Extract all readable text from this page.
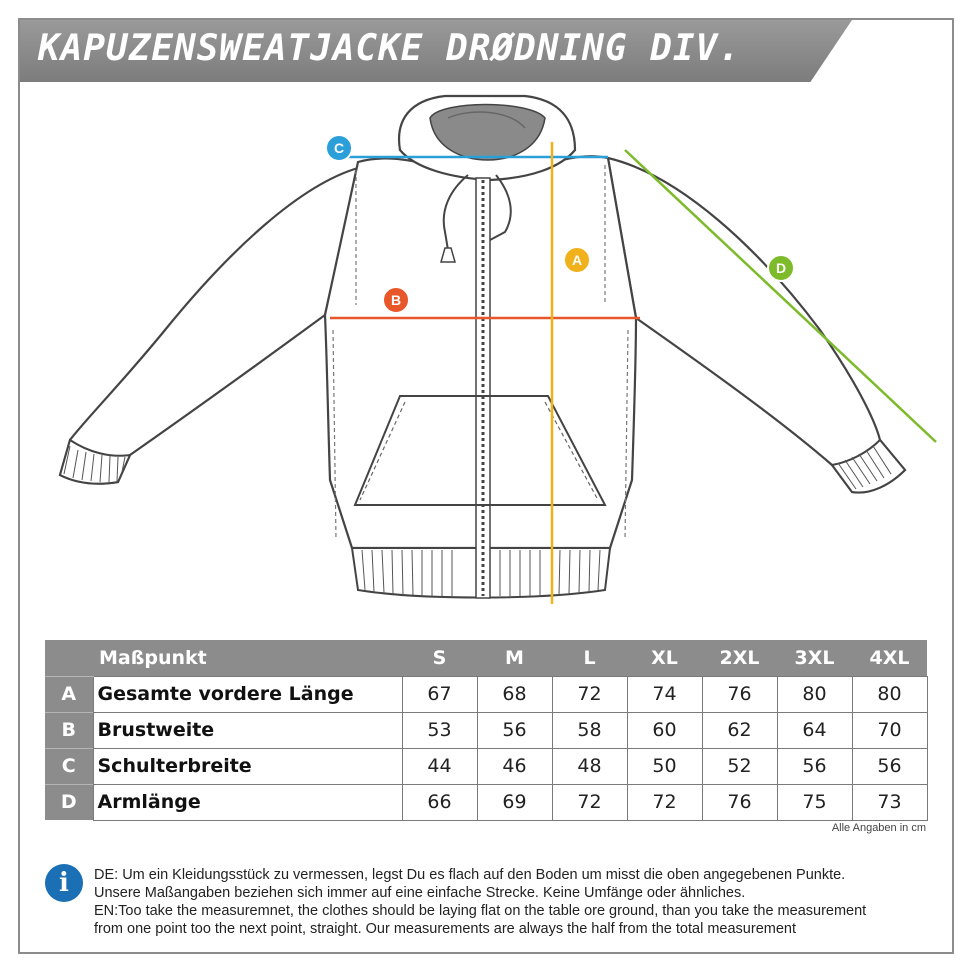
KAPUZENSWEATJACKE DRØDNING DIV.
C
B
A	D
	Maßpunkt	S	M	L	XL	2XL	3XL	4XL
A	Gesamte vordere Länge	67	68	72	74	76	80	80
B	Brustweite	53	56	58	60	62	64	70
C	Schulterbreite	44	46	48	50	52	56	56
D	Armlänge	66	69	72	72	76	75	73
Alle Angaben in cm
i	DE: Um ein Kleidungsstück zu vermessen, legst Du es flach auf den Boden um misst die oben angegebenen Punkte.

Unsere Maßangaben beziehen sich immer auf eine einfache Strecke. Keine Umfänge oder ähnliches.

EN:Too take the measuremnet, the clothes should be laying flat on the table ore ground, than you take the measurement

from one point too the next point, straight. Our measurements are always the half from the total measurement
